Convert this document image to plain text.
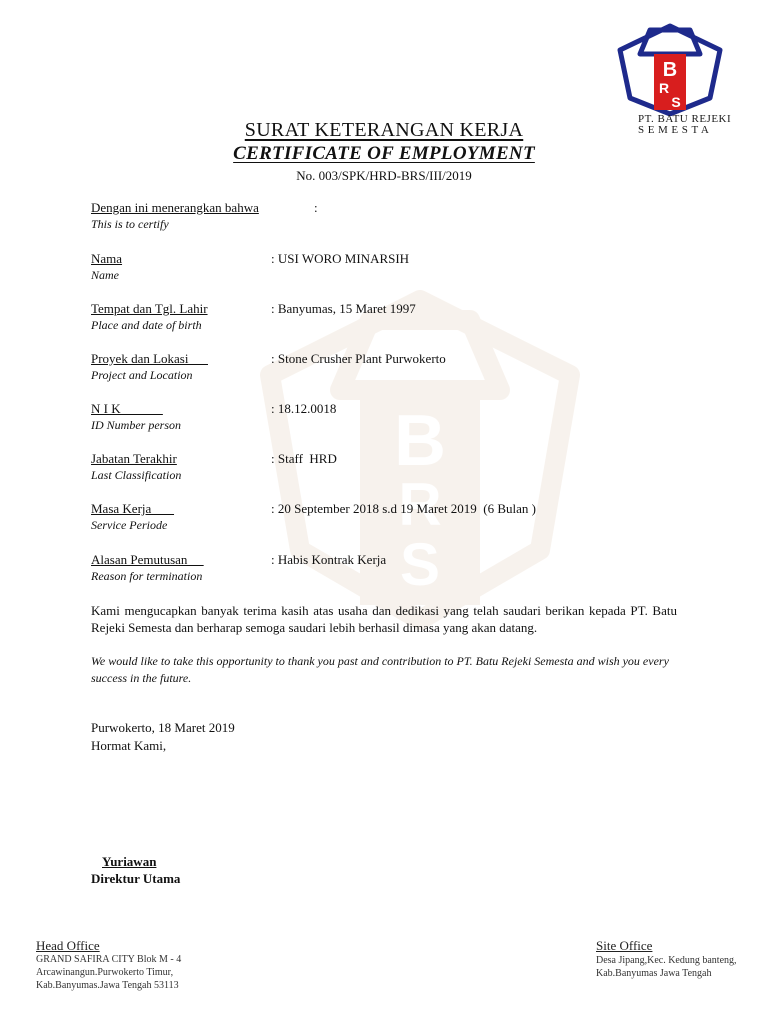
B
R
S
B
R
S
PT. BATU REJEKI
SEMESTA
SURAT KETERANGAN KERJA
CERTIFICATE OF EMPLOYMENT
No. 003/SPK/HRD-BRS/III/2019
Dengan ini menerangkan bahwa	:
This is to certify
Nama
Name
: USI WORO MINARSIH
Tempat dan Tgl. Lahir
Place and date of birth
: Banyumas, 15 Maret 1997
Proyek dan Lokasi
Project and Location
: Stone Crusher Plant Purwokerto
N I K
ID Number person
: 18.12.0018
Jabatan Terakhir
Last Classification
: Staff  HRD
Masa Kerja
Service Periode
: 20 September 2018 s.d 19 Maret 2019  (6 Bulan )
Alasan Pemutusan
Reason for termination
: Habis Kontrak Kerja
Kami mengucapkan banyak terima kasih atas usaha dan dedikasi yang telah saudari berikan kepada PT. Batu Rejeki Semesta dan berharap semoga saudari lebih berhasil dimasa yang akan datang.
We would like to take this opportunity to thank you past and contribution to PT. Batu Rejeki Semesta and wish you every success in the future.
Purwokerto, 18 Maret 2019
Hormat Kami,
Yuriawan
Direktur Utama
Head Office
GRAND SAFIRA CITY Blok M - 4
Arcawinangun.Purwokerto Timur,
Kab.Banyumas.Jawa Tengah 53113
Site Office
Desa Jipang,Kec. Kedung banteng,
Kab.Banyumas Jawa Tengah
